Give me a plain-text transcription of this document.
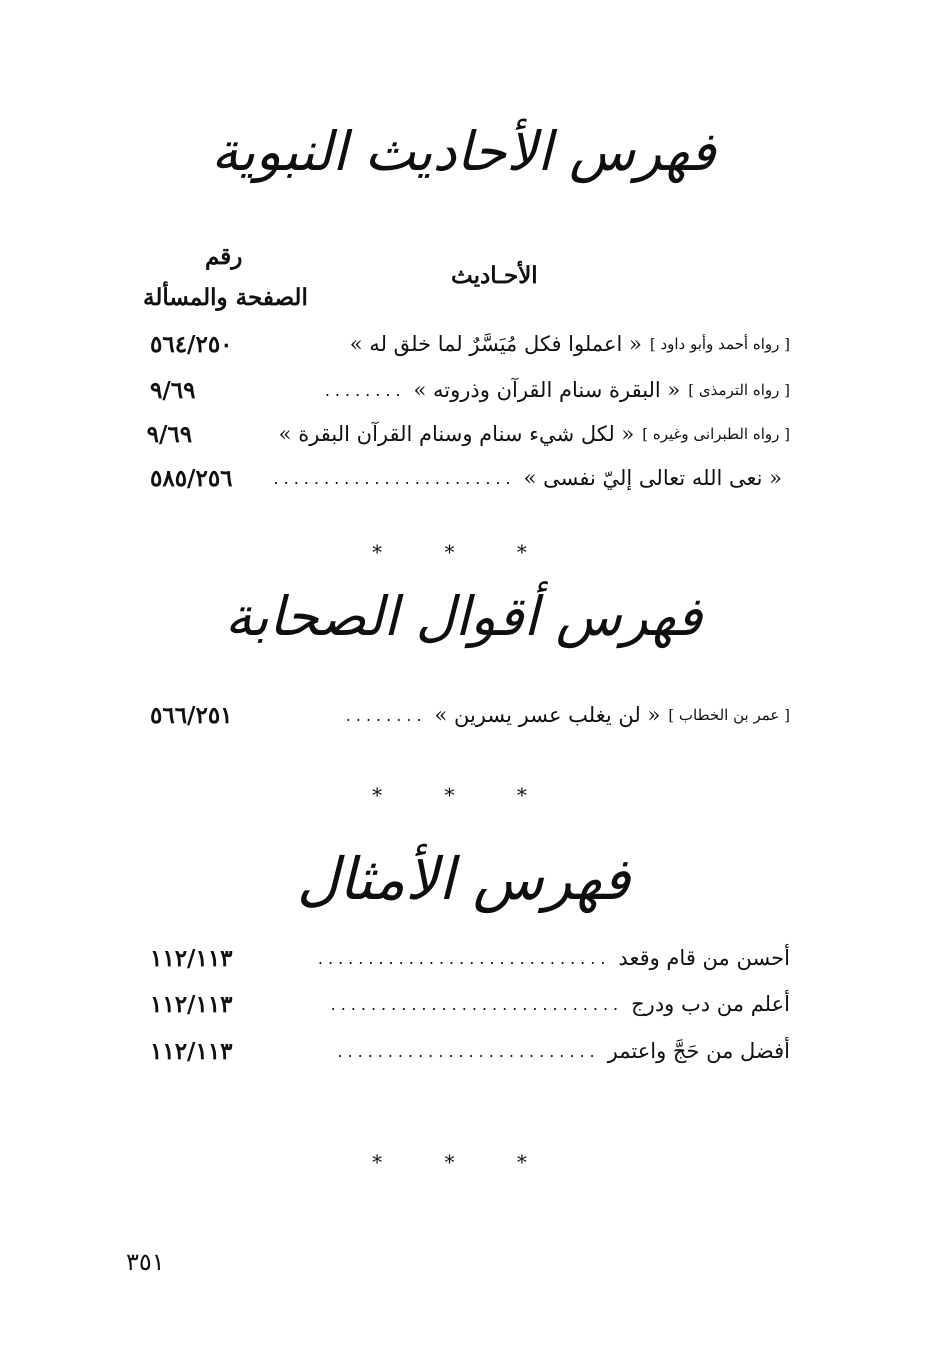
فهرس الأحاديث النبوية
رقم
الأحـاديث
الصفحة والمسألة
« اعملوا فكل مُيَسَّرٌ لما خلق له » [ رواه أحمد وأبو داود ]
٥٦٤/٢٥٠
« البقرة سنام القرآن وذروته » [ رواه الترمذى ]
........
٩/٦٩
« لكل شيء سنام وسنام القرآن البقرة » [ رواه الطبرانى وغيره ]
٩/٦٩
« نعى الله تعالى إليّ نفسى »
........................
٥٨٥/٢٥٦
* * *
فهرس أقوال الصحابة
« لن يغلب عسر يسرين » [ عمر بن الخطاب ]
........
٥٦٦/٢٥١
* * *
فهرس الأمثال
أحسن من قام وقعد
.............................
١١٢/١١٣
أعلم من دب ودرج
.............................
١١٢/١١٣
أفضل من حَجَّ واعتمر
..........................
١١٢/١١٣
* * *
٣٥١
